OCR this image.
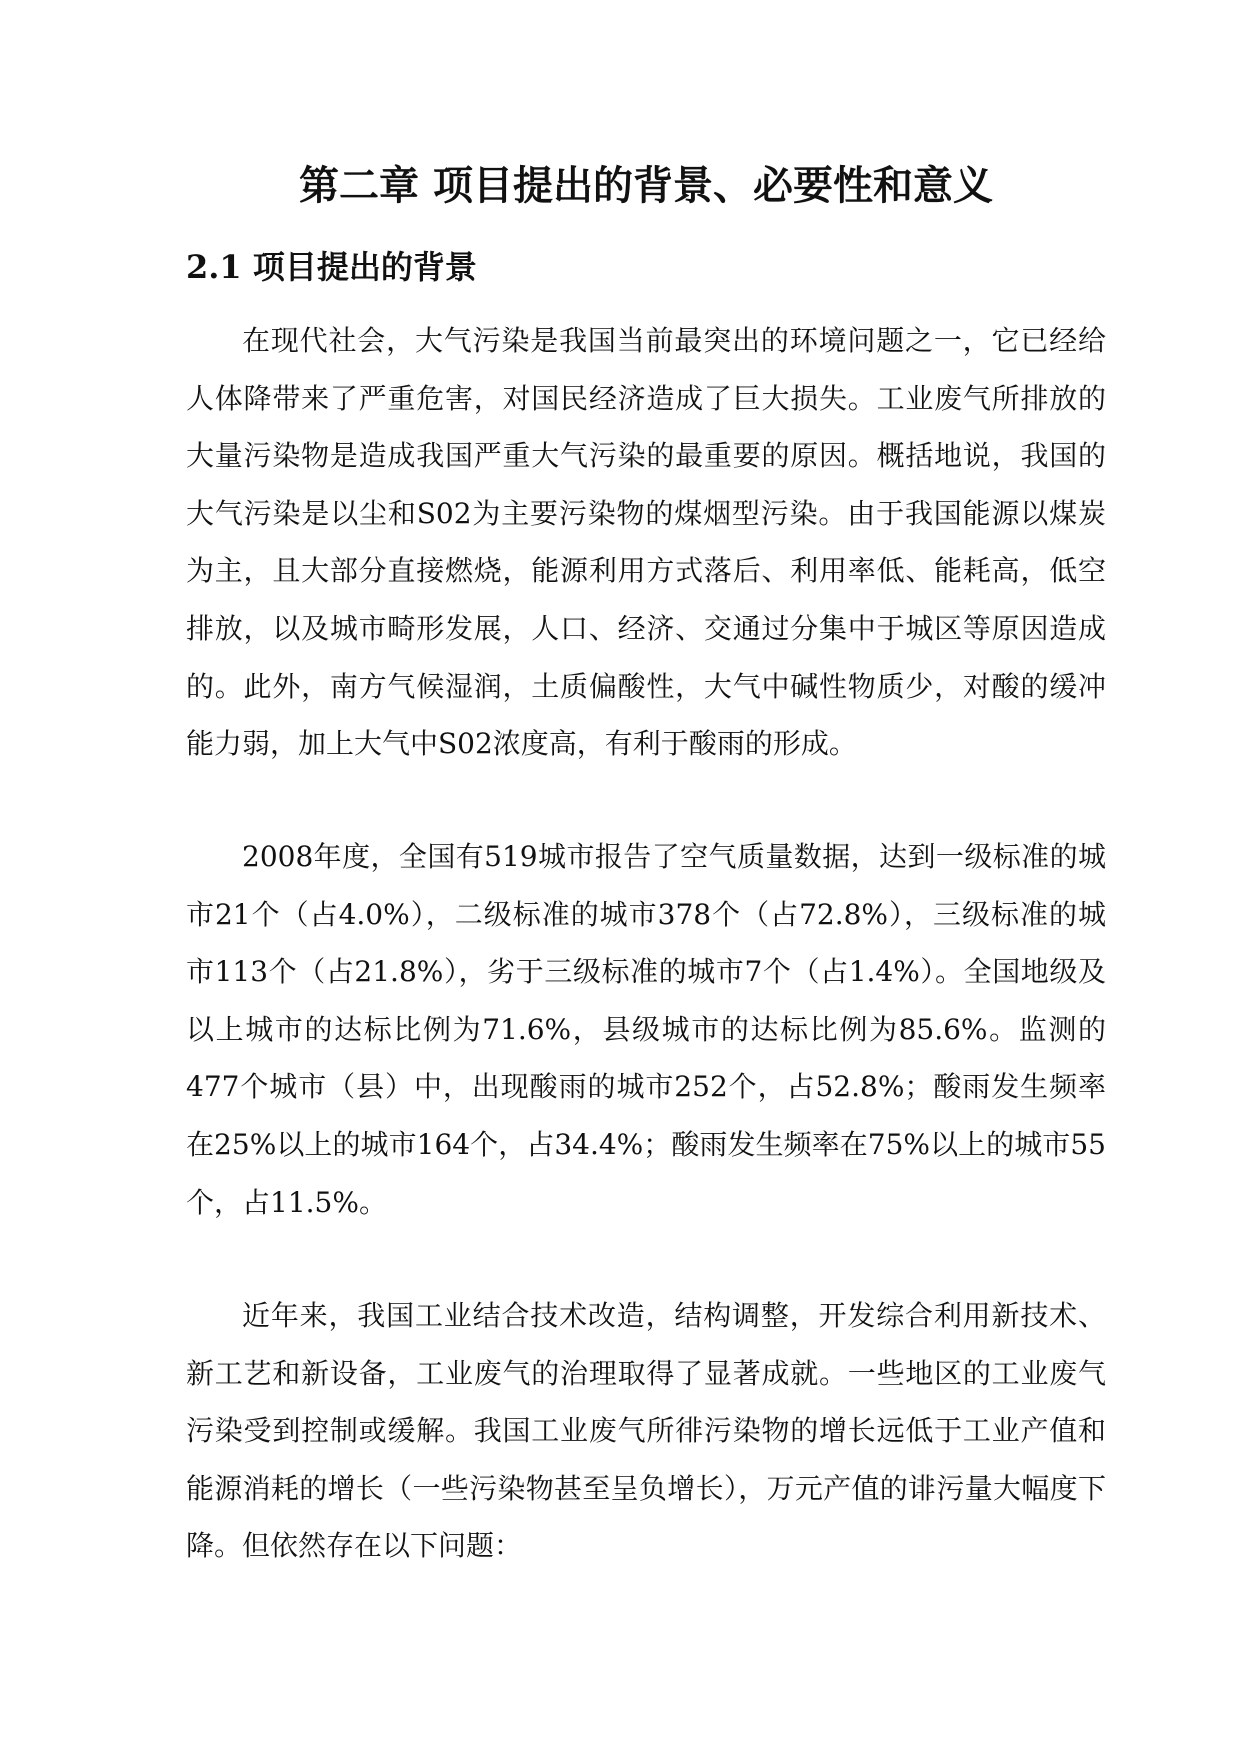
第二章 项目提出的背景、必要性和意义
2.1 项目提出的背景

在现代社会，大气污染是我国当前最突出的环境问题之一，它已经给人体降带来了严重危害，对国民经济造成了巨大损失。工业废气所排放的大量污染物是造成我国严重大气污染的最重要的原因。概括地说，我国的大气污染是以尘和S02为主要污染物的煤烟型污染。由于我国能源以煤炭为主，且大部分直接燃烧，能源利用方式落后、利用率低、能耗高，低空排放，以及城市畸形发展，人口、经济、交通过分集中于城区等原因造成的。此外，南方气候湿润，土质偏酸性，大气中碱性物质少，对酸的缓冲能力弱，加上大气中S02浓度高，有利于酸雨的形成。

2008年度，全国有519城市报告了空气质量数据，达到一级标准的城市21个（占4.0%），二级标准的城市378个（占72.8%），三级标准的城市113个（占21.8%），劣于三级标准的城市7个（占1.4%）。全国地级及以上城市的达标比例为71.6%，县级城市的达标比例为85.6%。监测的477个城市（县）中，出现酸雨的城市252个，占52.8%；酸雨发生频率在25%以上的城市164个，占34.4%；酸雨发生频率在75%以上的城市55个，占11.5%。

近年来，我国工业结合技术改造，结构调整，开发综合利用新技术、新工艺和新设备，工业废气的治理取得了显著成就。一些地区的工业废气污染受到控制或缓解。我国工业废气所徘污染物的增长远低于工业产值和能源消耗的增长（一些污染物甚至呈负增长），万元产值的诽污量大幅度下降。但依然存在以下问题：
